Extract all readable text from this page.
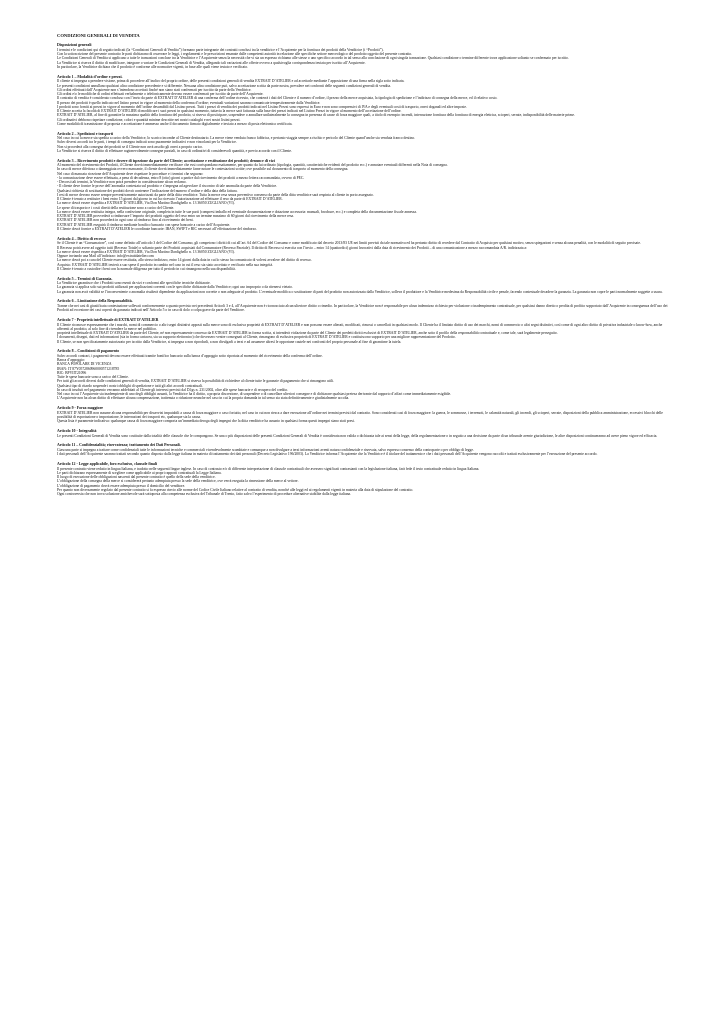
CONDIZIONI GENERALI DI VENDITA
Disposizioni generali

I termini e le condizioni qui di seguito indicati (la “Condizioni Generali di Vendita”) formano parte integrante dei contratti conclusi tra la venditrice e l’Acquirente per la fornitura dei prodotti della Venditrice (i “Prodotti”).

Con la sottoscrizione del presente contratto le parti dichiarano di osservare le leggi, i regolamenti e le prescrizioni emanate dalle competenti autorità in relazione alle specifiche settore merceologico del prodotto oggetto del presente contratto.

Le Condizioni Generali di Vendita si applicano a tutte le transazioni concluse tra la Venditrice e l’Acquirente senza la necessità che vi sia un espresso richiamo alle stesse o uno specifico accordo in tal senso alla conclusione di ogni singola transazione. Qualsiasi condizione o termine differente trova applicazione soltanto se confermato per iscritto.

La Venditrice si riserva il diritto di modificare, integrare o variare le Condizioni Generali di Vendita, allegando tali variazioni alle offerte ovvero a qualsivoglia corrispondenza inviata per iscritto all’Acquirente.

In particolare, la Venditrice dichiara che il prodotto è conforme alle normative vigenti, in base alle quali viene testato e verificato.

Articolo 1 – Modalità d’ordine e prezzi.

Il cliente si impegna a prendere visione, prima di procedere all’inoltro del proprio ordine, delle presenti condizioni generali di vendita EXTRAIT D’ATELIER e ad accettarle mediante l’apposizione di una firma nella sigla sotto indicata.

Le presenti condizioni annullano qualsiasi altra condizione precedente e si differente. Nessuna altra condizione può, salvo accettazione scritta da parte nostra, prevalere nei confronti delle seguenti condizioni generali di vendita.

Gli ordini effettuati dall’Acquirente non s’intendono accettati finché non siano stati confermati per iscritto da parte della Venditrice.

Gli ordini e/o le modifiche di ordini effettuati verbalmente o telefonicamente devono essere confermati per iscritto da parte dell’Acquirente.

Il contratto di vendita è considerato concluso con l’invio da parte di EXTRAIT D’ATELIER di una conferma dell’ordine ricevuto, che conterrà i dati del Cliente e il numero d’ordine, il prezzo della merce acquistata, la tipologia di spedizione e l’indirizzo di consegna della merce, ed il relativo costo.

Il prezzo dei prodotti è quello indicato nel listino prezzi in vigore al momento della conferma d’ordine; eventuali variazioni saranno comunicate tempestivamente dalla Venditrice.

I prodotti sono forniti ai prezzi in vigore al momento dell’ordine desumibili dal Listino prezzi. Tutti i prezzi di vendita dei prodotti indicati nel Listino Prezzi sono espressi in Euro e non sono comprensivi di IVA e degli eventuali costi di trasporto, oneri doganali ed altre imposte.

Il Cliente accetta la facoltà di EXTRAIT D’ATELIER di modificare i suoi prezzi in qualsiasi momento, tuttavia la merce sarà fatturata sulla base dei prezzi indicati nel Listino Prezzi in vigore al momento dell’accettazione dell’ordine.

EXTRAIT D’ATELIER, al fine di garantire la massima qualità della fornitura del prodotto, si riserva di posticipare, sospendere o annullare unilateralmente la consegna in presenza di cause di forza maggiore quali, a titolo di esempio: incendi, interruzione fornitura della fornitura di energia elettrica, scioperi, serrate, indisponibilità delle materie prime.

Gli ordinativi debbono rispettare condizione, colori e quantità minime descritte nei nostri cataloghi e nei nostri listini prezzi.

Come modalità di trasmissione di proposta e accettazione è ammesso anche il documento firmato digitalmente e inviato a mezzo di posta elettronica certificata.

Articolo 2 – Spedizioni e trasporti

Nel caso in cui la merce sia spedita a carico della Venditrice, lo scarico incombe al Cliente destinatario. La merce viene venduta franco fabbrica, e pertanto viaggia sempre a rischio e pericolo del Cliente quand’anche sia venduta franco destino.

Salvo diversi accordi tra le parti, i tempi di consegna indicati sono puramente indicativi e non vincolanti per la Venditrice.

Non si procederà alla consegna dei prodotti se il Cliente non avrà assolto gli oneri a proprio carico.

La Venditrice si riserva il diritto di effettuare ragionevolmente consegne parziali, in caso di ordinativi di considerevoli quantità, e previo accordo con il Cliente.

Articolo 3 – Ricevimento prodotti e dovere di ispezione da parte del Cliente; accettazione e restituzione dei prodotti; denunce di vizi

Al momento del ricevimento dei Prodotti, il Cliente dovrà immediatamente verificare che essi corrispondano esattamente, per quanto da lui ordinato (tipologia, quantità, caratteristiche evidenti del prodotto ecc.) e annotare eventuali differenti nella Nota di consegna.

In caso di merce difettosa o danneggiata ovvero mancante, il cliente dovrà immediatamente farne notare le contestazioni scritte; ove possibile sul documento di trasporto al momento della consegna.

Nel caso di mancata ricezione dell’Acquirente deve rispettare le procedure e i termini che seguono:

- la comunicazione deve essere effettuata, a pena di decadenza, entro 8 (otto) giorni a partire dal ricevimento dei prodotti a mezzo lettera raccomandata, ovvero di PEC.

- Decorsi tali termini, la Venditrice non potrà prendere in considerazione alcun reclamo.

- Il cliente deve fornire le prove dell’anomalia contestata sul prodotto e s’impegna ad agevolare il riscontro di tale anomalia da parte della Venditrice.

Qualsiasi richiesta di sostituzione dei prodotti dovrà contenere l’indicazione del numero d’ordine e della data della fattura.

I resi di merce devono essere sempre preventivamente autorizzati da parte della ditta venditrice. Tutta la merce resa senza preventivo consenso da parte della ditta venditrice sarà respinta al cliente in porto assegnato.

Il Cliente è tenuto a restituire i beni entro 15 giorni dal giorno in cui ha ricevuto l’autorizzazione ad effettuare il reso da parte di EXTRAIT D’ATELIER.

La merce dovrà essere rispedita a EXTRAIT D’ATELIER, Via Don Martino Dardighello n. 13 36050 ZUGLIANO (VI).

Le spese di trasporto e i costi diretti della restituzione sono a carico del Cliente.

La merce dovrà essere restituita integra, nella confezione originale, completa in tutte le sue parti (compresi imballo ed eventuale documentazione e dotazione accessoria: manuali, brochure, ecc.) e completa della documentazione fiscale annessa.

EXTRAIT D’ATELIER provvederà a rimborsare l’importo dei prodotti oggetto del reso entro un termine massimo di 60 giorni dal ricevimento della merce resa.

EXTRAIT D’ATELIER non procederà in ogni caso al rimborso fino al ricevimento dei beni.

EXTRAIT D’ATELIER eseguirà il rimborso mediante bonifico bancario con spese bancarie a carico dell’Acquirente.

Il Cliente dovrà fornire a EXTRAIT D’ATELIER le coordinate bancarie: IBAN, SWIFT e BIC necessari all’effettuazione del rimborso.

Articolo 4 – Diritto di recesso

Se il Cliente è un “Consumatore”, così come definito all’articolo 3 del Codice del Consumo, gli competono i diritti di cui all’art. 64 del Codice del Consumo e come modificato dal decreto 2013/83 UE nei limiti previsti da tale normativa ed ha pertanto diritto di recedere dal Contratto di Acquisto per qualsiasi motivo, senza spiegazioni e senza alcuna penalità, con le modalità di seguito precisate.

Il Recesso potrà avere ad oggetto tutti (Recesso Totale) o soltanto parte dei Prodotti acquistati dal Consumatore (Recesso Parziale). Il diritto di Recesso si esercita con l’invio – entro 14 (quattordici) giorni lavorativi dalla data di ricevimento dei Prodotti – di una comunicazione a mezzo raccomandata A/R. indirizzata a:

La merce dovrà essere rispedita a EXTRAIT D’ATELIER, Via Don Martino Dardighello n. 13 36050 ZUGLIANO (VI).

Oppure inviando una Mail all’indirizzo: info@extraitdatelier.com

La merce dovrà poi a cura del Cliente essere restituita, allo stesso indirizzo, entro 14 giorni dalla data in cui lo stesso ha comunicato di volersi avvalere del diritto di recesso.

Acquisto. EXTRAIT D’ATELIER invierà a suo spese il prodotto in cambio nel caso in cui il reso sia stato accettato e verificato nella sua integrità.

Il Cliente è tenuto a custodire i beni con la normale diligenza per tutto il periodo in cui rimangono nella sua disponibilità.

Articolo 5 – Termini di Garanzia.

La Venditrice garantisce che i Prodotti sono esenti da vizi e conformi alle specifiche tecniche dichiarate.

La garanzia si applica solo sui prodotti utilizzati per applicazioni coerenti con le specifiche dichiarate dalla Venditrice; ogni uso improprio o da ritenersi vietato.

La garanzia non avrà validità se l’inconveniente o anomalia risulterà dipendente da applicazioni non corrette o non adeguate al prodotto. L’eventuale modifica o sostituzione di parti del prodotto non autorizzata dalla Venditrice, solleva il produttore e la Venditrice medesima da Responsabilità civile e penale, facendo contestuale decadere la garanzia. La garanzia non copre le parti normalmente soggette a usura.

Articolo 6 – Limitazione della Responsabilità.

Tranne che nei casi di giustificata contestazione sollevati conformemente a quanto previsto nei precedenti Articoli 3 e 4, all’Acquirente non è riconosciuto alcun ulteriore diritto o rimedio. In particolare, la Venditrice non è responsabile per alcun indennizzo richiesto per violazione o inadempimento contrattuale, per qualsiasi danno diretto o perdita di profitto sopportato dall’Acquirente in conseguenza dell’uso dei Prodotti ad eccezione dei casi coperti da garanzia indicati nell’Articolo 5 o in caso di dolo o colpa grave da parte del Venditore.

Articolo 7 - Proprietà intellettuale di EXTRAIT D’ATELIER

Il Cliente riconosce espressamente che i marchi, nomi di commercio o altri segni distintivi apposti sulla merce sono di esclusiva proprietà di EXTRAIT D’ATELIER e non possono essere alterati, modificati, rimossi o cancellati in qualsiasi modo. Il Cliente ha il limitato diritto di uso dei marchi, nomi di commercio o altri segni distintivi, così come di ogni altro diritto di privativa industriale o know-how, anche afferenti al prodotto, al solo fine di rivendere la merce nel pubblico.

proprietà intellettuale di EXTRAIT D’ATELIER da parte del Cliente, né non espressamente concesso da EXTRAIT D’ATELIER in forma scritta, si intenderà violazione da parte del Cliente dei predetti diritti esclusivi di EXTRAIT D’ATELIER, anche sotto il profilo della responsabilità contrattuale e, come tale, sarà legalmente perseguito.

I documenti, disegni, dati ed informazioni (sia in forma cartacea, sia su supporto elettronico) che dovessero venire consegnati al Cliente, rimangono di esclusiva proprietà di EXTRAIT D’ATELIER e costituiscono supporto per una migliore rappresentazione del Prodotto.

Il Cliente, se non specificatamente autorizzato per iscritto dalla Venditrice, si impegna a non riprodurli, a non divulgarli a terzi e ad assumere altresì le opportune cautele nei confronti del proprio personale al fine di garantirne la tutela.

Articolo 8 – Condizioni di pagamento

Salvo accordi contrari, i pagamenti devono essere effettuati tramite bonifico bancario sulla banca d’appoggio sotto riportata al momento del ricevimento della conferma dell’ordine.

Banca d’appoggio:

BANCA POPOLARE DI VICENZA

IBAN: IT 87Y0572860960000571218785

BIC: BPVIIT21096

Tutte le spese bancarie sono a carico del Cliente.

Per tutti gli accordi diversi dalle condizioni generali di vendita, EXTRAIT D’ATELIER si riserva la possibilità di richiedere al cliente tutte le garanzie di pagamento che si rimangono utili.

Qualsiasi tipo di ritardo sospende i nostri obblighi di spedizione e tutti gli altri accordi contrattuali.

In caso di insoluti nel pagamento verranno addebitati al Cliente gli interessi previsti dal D.lgs n. 231/2002, oltre alle spese bancarie e di recupero del credito.

Nel caso in cui l’Acquirente sia inadempiente di uno degli obblighi assunti, la Venditrice ha il diritto, a propria discrezione, di sospendere o di cancellare ulteriori consegne e di dichiarare qualsiasi pretesa derivante dal rapporto d’affari come immediatamente esigibile.

L’Acquirente non ha alcun diritto di effettuare alcuna compensazione, trattenuta o riduzione neanche nel caso in cui la propria domanda in tal senso sia stata definitivamente e giudizialmente accolta.

Articolo 9 - Forza maggiore

EXTRAIT D’ATELIER non assume alcuna responsabilità per disservizi imputabili a causa di forza maggiore o caso fortuito, nel caso in cui non riesca a dare esecuzione all’ordine nei termini previsti dal contratto. Sono considerati casi di forza maggiore: la guerra, le sommosse, i terremoti, le calamità naturali, gli incendi, gli scioperi, serrate, disposizioni della pubblica amministrazione, eccessivi blocchi delle possibilità di esportazione o importazione, le interruzioni dei trasporti etc, qualunque sia la causa.

Questa lista è puramente indicativa: qualunque causa di forza maggiore comporta un’immediata deroga degli impegni che la ditta venditrice ha assunto in qualsiasi forma questi impegni siano stati presi.

Articolo 10 - Integralità

Le presenti Condizioni Generali di Vendita sono costituite dalla totalità delle clausole che le compongono. Se una o più disposizioni delle presenti Condizioni Generali di Vendita è considerata non valida o dichiarata tale ai sensi della legge, della regolamentazione o in seguito a una decisione da parte di un tribunale avente giurisdizione, le altre disposizioni continueranno ad avere pieno vigore ed efficacia.

Articolo 11 – Confidenzialità; riservatezza; trattamento dei Dati Personali.

Ciascuna parte si impegna a trattare come confidenziali tutte le informazioni tecniche e commerciali vicendevolmente scambiate e comunque a non divulgare a terzi informazioni aventi natura confidenziale e riservata, salvo espresso consenso della controparte o per obbligo di legge.

I dati personali dell’Acquirente saranno trattati secondo quanto disposto dalla legge italiana in materia di trattamento dei dati personali (Decreto Legislativo 196/2003). La Venditrice informa l’Acquirente che la Venditrice è il titolare del trattamento e che i dati personali dell’Acquirente vengono raccolti e trattati esclusivamente per l’esecuzione del presente accordo.

Articolo 12 - Legge applicabile, foro esclusivo, clausole finali

Il presente contratto viene redatto in lingua Italiana, e tradotto nelle seguenti lingue inglese. In caso di contrasto e/o di differente interpretazione di clausole contrattuali che avessero significati contrastanti con la legislazione italiana, farà fede il testo contrattuale redatto in lingua Italiana.

Le parti dichiarano espressamente di scegliere come applicabile ai propri rapporti contrattuali la Legge Italiana.

Il luogo di esecuzione delle obbligazioni nascenti dal presente contratto è quello della sede della venditrice.

L’obbligazione della consegna della merce si considererà pertanto adempiuta presso la sede della venditrice, ove verrà eseguita la rimessione della merce al vettore.

L’obbligazione di pagamento dovrà essere adempiuta presso il domicilio del venditore.

Per quanto non diversamente regolato dal presente contratto si fa espresso rinvio alle norme del Codice Civile Italiano relative al contratto di vendita, nonché alle leggi ed ai regolamenti vigenti in materia alla data di stipulazione del contratto.

Ogni controversia che non trova soluzione amichevole sarà sottoposta alla competenza esclusiva del Tribunale di Trento, fatto salvo l’esperimento di procedure alternative stabilite dalla legge italiana.
